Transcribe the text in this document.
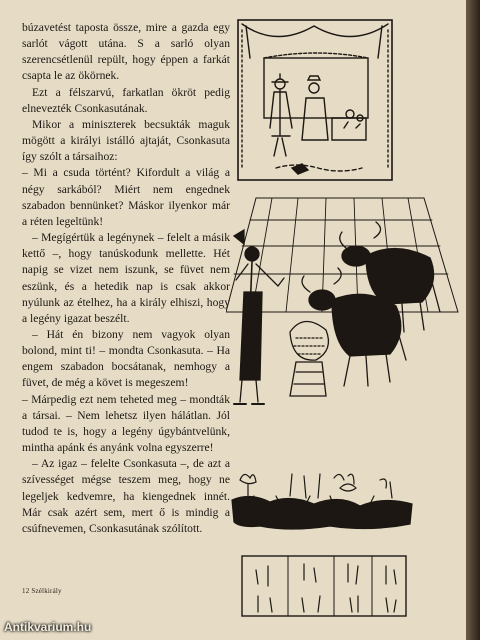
búzavetést taposta össze, mire a gazda egy sarlót vágott utána. S a sarló olyan szerencsétlenül repült, hogy éppen a farkát csapta le az ökörnek.

Ezt a félszarvú, farkatlan ökröt pedig elnevezték Csonkasutának.

Mikor a miniszterek becsukták maguk mögött a királyi istálló ajtaját, Csonkasuta így szólt a társaihoz:

– Mi a csuda történt? Kifordult a világ a négy sarkából? Miért nem engednek szabadon bennünket? Máskor ilyenkor már a réten legeltünk!

– Megígértük a legénynek – felelt a másik kettő –, hogy tanúskodunk mellette. Hét napig se vizet nem iszunk, se füvet nem eszünk, és a hetedik nap is csak akkor nyúlunk az ételhez, ha a király elhiszi, hogy a legény igazat beszélt.

– Hát én bizony nem vagyok olyan bolond, mint ti! – mondta Csonkasuta. – Ha engem szabadon bocsátanak, nemhogy a füvet, de még a követ is megeszem!

– Márpedig ezt nem teheted meg – mondták a társai. – Nem lehetsz ilyen hálátlan. Jól tudod te is, hogy a legény úgybántvelünk, mintha apánk és anyánk volna egyszerre!

– Az igaz – felelte Csonkasuta –, de azt a szívességet mégse teszem meg, hogy ne legeljek kedvemre, ha kiengednek innét. Már csak azért sem, mert ő is mindig a csúfnevemen, Csonkasutának szólított.

12 Szélkirály
Antikvarium.hu
